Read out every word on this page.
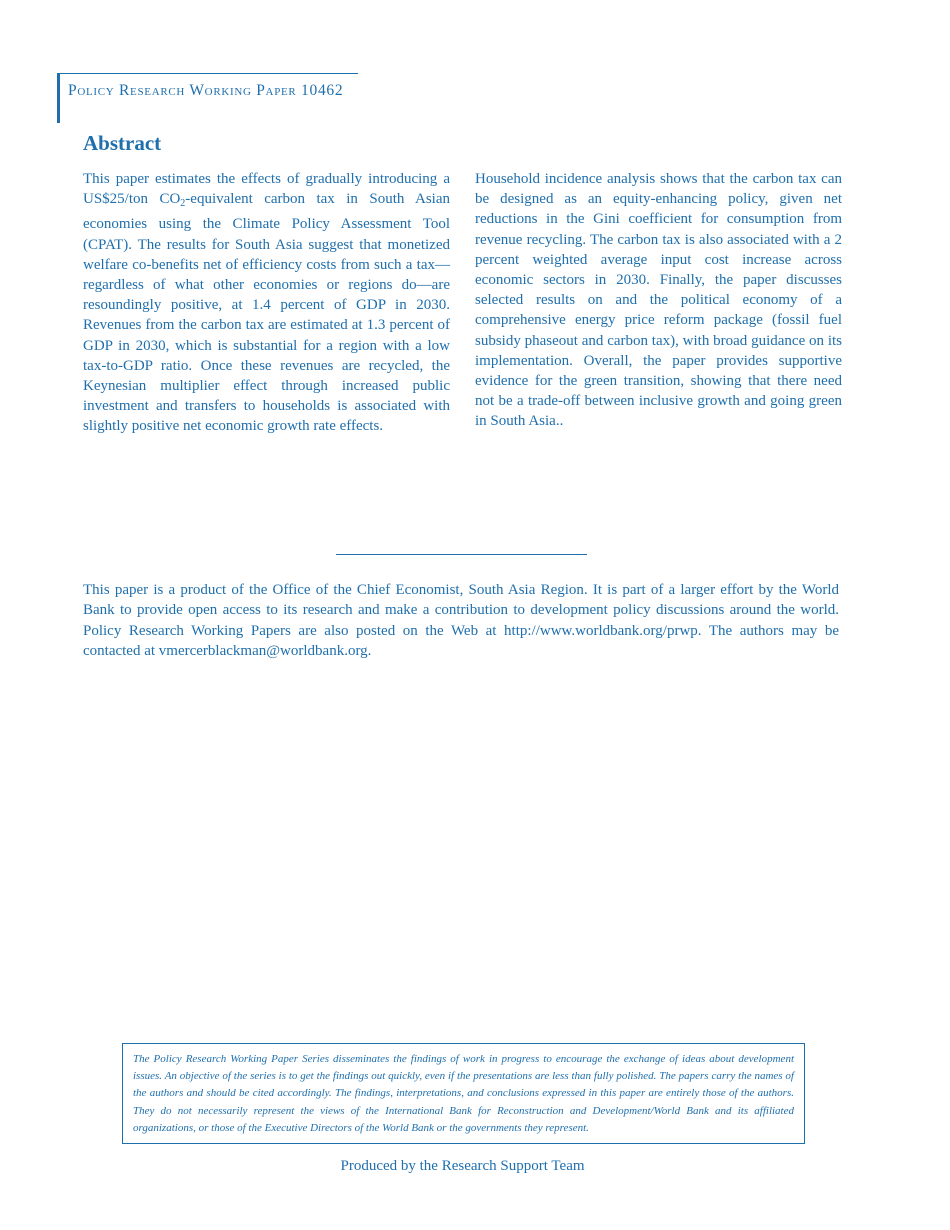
Policy Research Working Paper 10462
Abstract

This paper estimates the effects of gradually introducing a US$25/ton $CO_2$-equivalent carbon tax in South Asian economies using the Climate Policy Assessment Tool (CPAT). The results for South Asia suggest that monetized welfare co-benefits net of efficiency costs from such a tax—regardless of what other economies or regions do—are resoundingly positive, at 1.4 percent of GDP in 2030. Revenues from the carbon tax are estimated at 1.3 percent of GDP in 2030, which is substantial for a region with a low tax-to-GDP ratio. Once these revenues are recycled, the Keynesian multiplier effect through increased public investment and transfers to households is associated with slightly positive net economic growth rate effects.

Household incidence analysis shows that the carbon tax can be designed as an equity-enhancing policy, given net reductions in the Gini coefficient for consumption from revenue recycling. The carbon tax is also associated with a 2 percent weighted average input cost increase across economic sectors in 2030. Finally, the paper discusses selected results on and the political economy of a comprehensive energy price reform package (fossil fuel subsidy phaseout and carbon tax), with broad guidance on its implementation. Overall, the paper provides supportive evidence for the green transition, showing that there need not be a trade-off between inclusive growth and going green in South Asia..

This paper is a product of the Office of the Chief Economist, South Asia Region. It is part of a larger effort by the World Bank to provide open access to its research and make a contribution to development policy discussions around the world. Policy Research Working Papers are also posted on the Web at http://www.worldbank.org/prwp. The authors may be contacted at vmercerblackman@worldbank.org.

The Policy Research Working Paper Series disseminates the findings of work in progress to encourage the exchange of ideas about development issues. An objective of the series is to get the findings out quickly, even if the presentations are less than fully polished. The papers carry the names of the authors and should be cited accordingly. The findings, interpretations, and conclusions expressed in this paper are entirely those of the authors. They do not necessarily represent the views of the International Bank for Reconstruction and Development/World Bank and its affiliated organizations, or those of the Executive Directors of the World Bank or the governments they represent.

Produced by the Research Support Team
